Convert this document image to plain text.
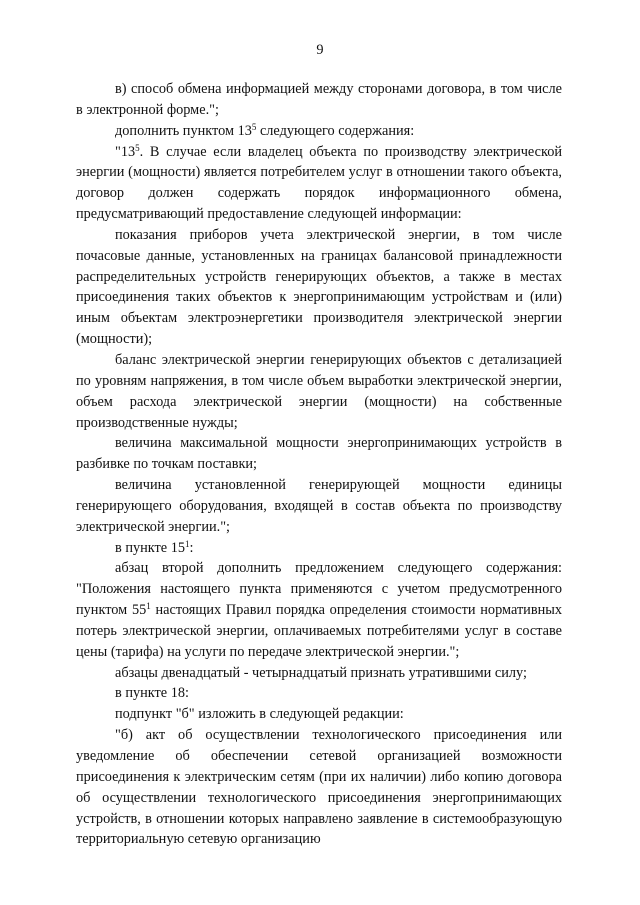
9

в) способ обмена информацией между сторонами договора, в том числе в электронной форме.";

дополнить пунктом $13^5$ следующего содержания:

"$13^5$. В случае если владелец объекта по производству электрической энергии (мощности) является потребителем услуг в отношении такого объекта, договор должен содержать порядок информационного обмена, предусматривающий предоставление следующей информации:

показания приборов учета электрической энергии, в том числе почасовые данные, установленных на границах балансовой принадлежности распределительных устройств генерирующих объектов, а также в местах присоединения таких объектов к энергопринимающим устройствам и (или) иным объектам электроэнергетики производителя электрической энергии (мощности);

баланс электрической энергии генерирующих объектов с детализацией по уровням напряжения, в том числе объем выработки электрической энергии, объем расхода электрической энергии (мощности) на собственные производственные нужды;

величина максимальной мощности энергопринимающих устройств в разбивке по точкам поставки;

величина установленной генерирующей мощности единицы генерирующего оборудования, входящей в состав объекта по производству электрической энергии.";

в пункте $15^1$:

абзац второй дополнить предложением следующего содержания: "Положения настоящего пункта применяются с учетом предусмотренного пунктом $55^1$ настоящих Правил порядка определения стоимости нормативных потерь электрической энергии, оплачиваемых потребителями услуг в составе цены (тарифа) на услуги по передаче электрической энергии.";

абзацы двенадцатый - четырнадцатый признать утратившими силу;

в пункте 18:

подпункт "б" изложить в следующей редакции:

"б) акт об осуществлении технологического присоединения или уведомление об обеспечении сетевой организацией возможности присоединения к электрическим сетям (при их наличии) либо копию договора об осуществлении технологического присоединения энергопринимающих устройств, в отношении которых направлено заявление в системообразующую территориальную сетевую организацию
